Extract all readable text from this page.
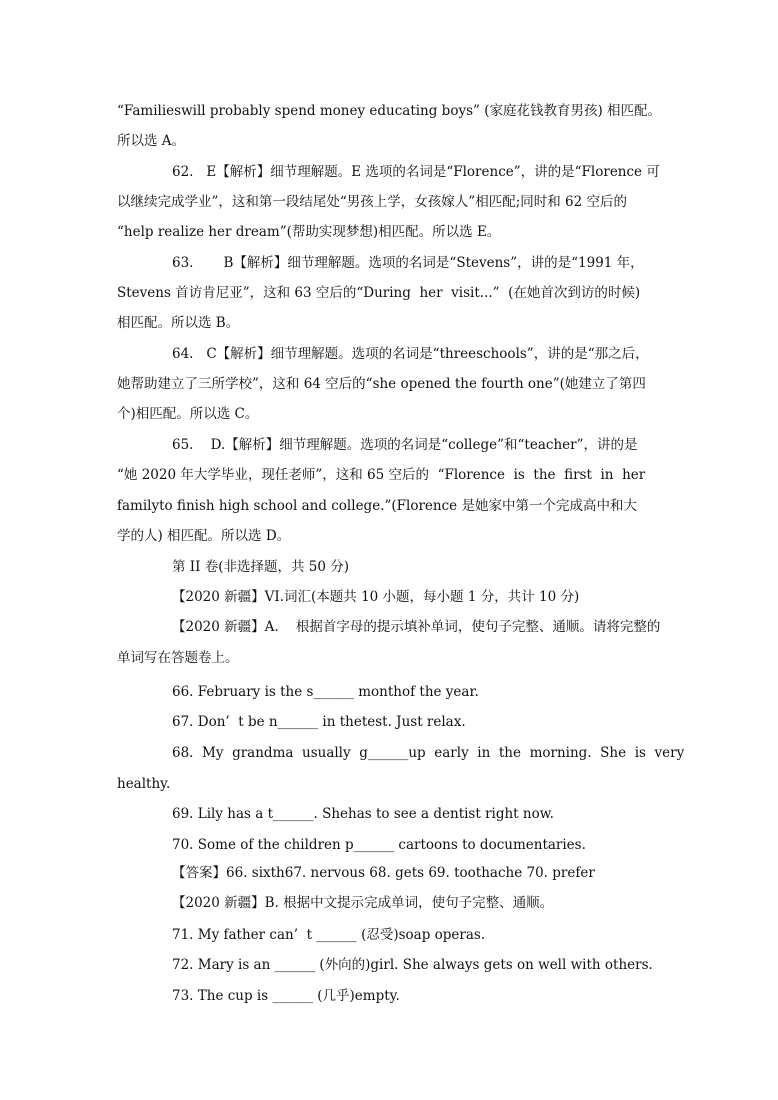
“Familieswill probably spend money educating boys” (家庭花钱教育男孩) 相匹配。
所以选 A。
62.   E【解析】细节理解题。E 选项的名词是“Florence”，讲的是“Florence 可
以继续完成学业”，这和第一段结尾处“男孩上学，女孩嫁人”相匹配;同时和 62 空后的
“help realize her dream”(帮助实现梦想)相匹配。所以选 E。
63.       B【解析】细节理解题。选项的名词是“Stevens”，讲的是“1991 年，
Stevens 首访肯尼亚”，这和 63 空后的“During  her  visit...”  (在她首次到访的时候)
相匹配。所以选 B。
64.   C【解析】细节理解题。选项的名词是“threeschools”，讲的是“那之后，
她帮助建立了三所学校”，这和 64 空后的“she opened the fourth one”(她建立了第四
个)相匹配。所以选 C。
65.    D.【解析】细节理解题。选项的名词是“college”和“teacher”，讲的是
“她 2020 年大学毕业，现任老师”，这和 65 空后的  “Florence  is  the  first  in  her
familyto finish high school and college.”(Florence 是她家中第一个完成高中和大
学的人) 相匹配。所以选 D。
第 II 卷(非选择题，共 50 分)
【2020 新疆】VI.词汇(本题共 10 小题，每小题 1 分，共计 10 分)
【2020 新疆】A.    根据首字母的提示填补单词，使句子完整、通顺。请将完整的
单词写在答题卷上。
66. February is the s______ monthof the year.
67. Don’  t be n______ in thetest. Just relax.
68.  My  grandma  usually  g______up  early  in  the  morning.  She  is  very
healthy.
69. Lily has a t______. Shehas to see a dentist right now.
70. Some of the children p______ cartoons to documentaries.
【答案】66. sixth67. nervous 68. gets 69. toothache 70. prefer
【2020 新疆】B. 根据中文提示完成单词，使句子完整、通顺。
71. My father can’  t ______ (忍受)soap operas.
72. Mary is an ______ (外向的)girl. She always gets on well with others.
73. The cup is ______ (几乎)empty.
